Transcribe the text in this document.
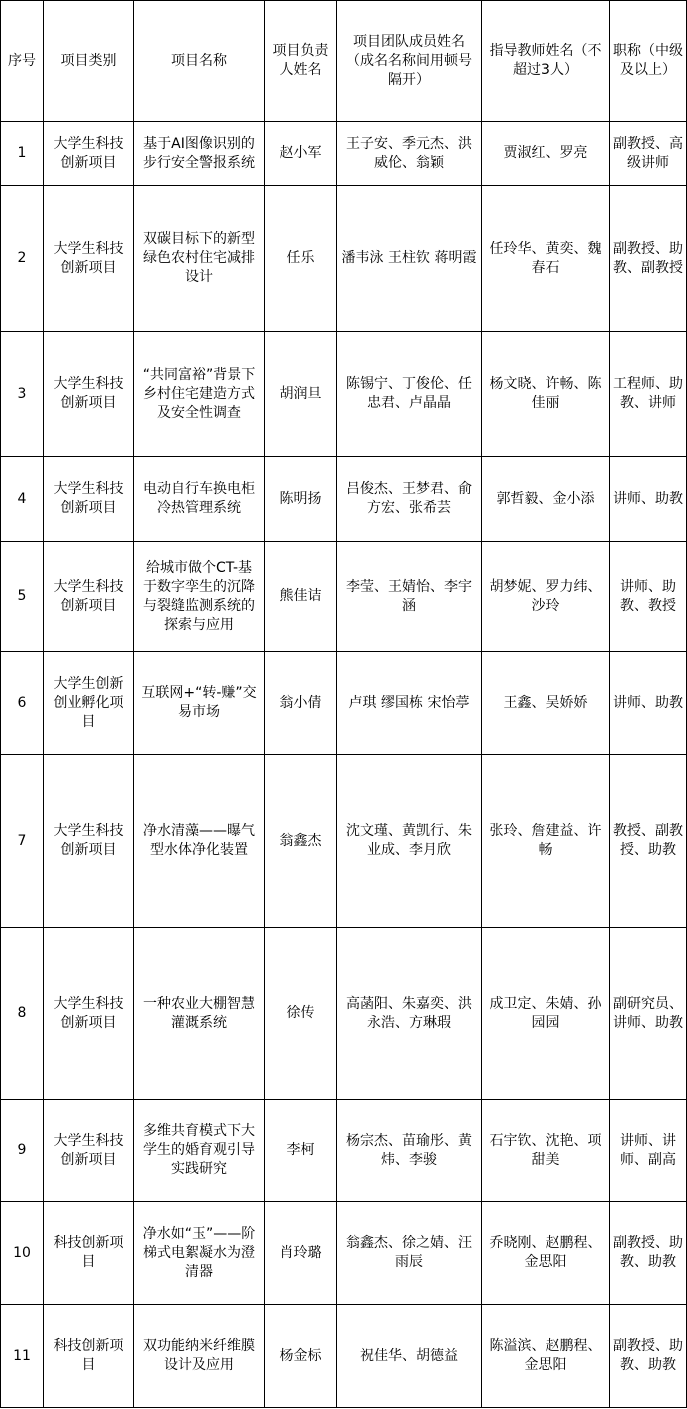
序号	项目类别	项目名称	项目负责人姓名	项目团队成员姓名（成名名称间用顿号隔开）	指导教师姓名（不超过3人）	职称（中级及以上）
1	大学生科技创新项目	基于AI图像识别的步行安全警报系统	赵小军	王子安、季元杰、洪威伦、翁颖	贾淑红、罗亮	副教授、高级讲师
2	大学生科技创新项目	双碳目标下的新型绿色农村住宅减排设计	任乐	潘韦泳 王柱钦 蒋明霞	任玲华、黄奕、魏春石	副教授、助教、副教授
3	大学生科技创新项目	“共同富裕”背景下乡村住宅建造方式及安全性调查	胡润旦	陈锡宁、丁俊伦、任忠君、卢晶晶	杨文晓、许畅、陈佳丽	工程师、助教、讲师
4	大学生科技创新项目	电动自行车换电柜冷热管理系统	陈明扬	吕俊杰、王梦君、俞方宏、张希芸	郭哲毅、金小添	讲师、助教
5	大学生科技创新项目	给城市做个CT-基于数字孪生的沉降与裂缝监测系统的探索与应用	熊佳诘	李莹、王婧怡、李宇涵	胡梦妮、罗力纬、沙玲	讲师、助教、教授
6	大学生创新创业孵化项目	互联网+“转-赚”交易市场	翁小倩	卢琪 缪国栋 宋怡葶	王鑫、吴娇娇	讲师、助教
7	大学生科技创新项目	净水清藻——曝气型水体净化装置	翁鑫杰	沈文瑾、黄凯行、朱业成、李月欣	张玲、詹建益、许畅	教授、副教授、助教
8	大学生科技创新项目	一种农业大棚智慧灌溉系统	徐传	高菡阳、朱嘉奕、洪永浩、方琳瑕	成卫定、朱婧、孙园园	副研究员、讲师、助教
9	大学生科技创新项目	多维共育模式下大学生的婚育观引导实践研究	李柯	杨宗杰、苗瑜彤、黄炜、李骏	石宇钦、沈艳、项甜美	讲师、讲师、副高
10	科技创新项目	净水如“玉”——阶梯式电絮凝水为澄清器	肖玲璐	翁鑫杰、徐之婧、汪雨辰	乔晓刚、赵鹏程、金思阳	副教授、助教、助教
11	科技创新项目	双功能纳米纤维膜设计及应用	杨金标	祝佳华、胡德益	陈溢滨、赵鹏程、金思阳	副教授、助教、助教
